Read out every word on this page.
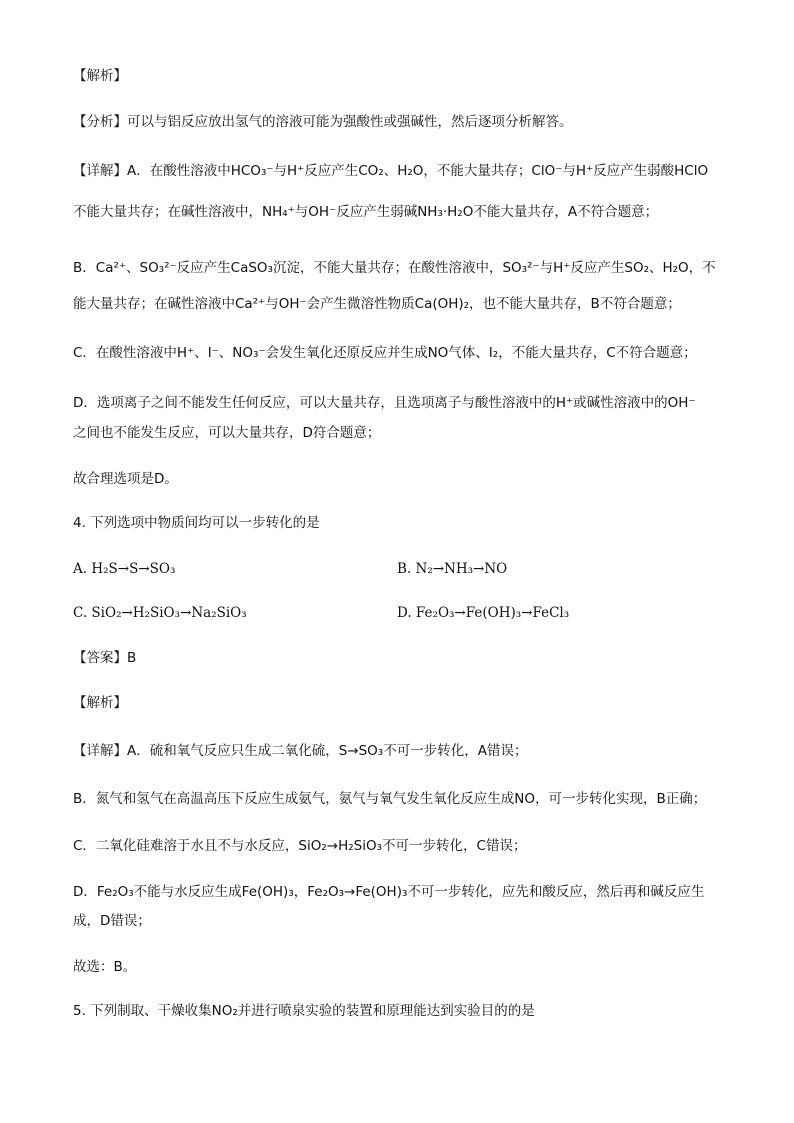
【解析】
【分析】可以与铝反应放出氢气的溶液可能为强酸性或强碱性，然后逐项分析解答。
【详解】A．在酸性溶液中HCO₃⁻与H⁺反应产生CO₂、H₂O，不能大量共存；ClO⁻与H⁺反应产生弱酸HClO
不能大量共存；在碱性溶液中，NH₄⁺与OH⁻反应产生弱碱NH₃·H₂O不能大量共存，A不符合题意；
B．Ca²⁺、SO₃²⁻反应产生CaSO₃沉淀，不能大量共存；在酸性溶液中，SO₃²⁻与H⁺反应产生SO₂、H₂O，不
能大量共存；在碱性溶液中Ca²⁺与OH⁻会产生微溶性物质Ca(OH)₂，也不能大量共存，B不符合题意；
C．在酸性溶液中H⁺、I⁻、NO₃⁻会发生氧化还原反应并生成NO气体、I₂，不能大量共存，C不符合题意；
D．选项离子之间不能发生任何反应，可以大量共存，且选项离子与酸性溶液中的H⁺或碱性溶液中的OH⁻
之间也不能发生反应，可以大量共存，D符合题意；
故合理选项是D。
4. 下列选项中物质间均可以一步转化的是
A. H₂S→S→SO₃	B. N₂→NH₃→NO
C. SiO₂→H₂SiO₃→Na₂SiO₃	D. Fe₂O₃→Fe(OH)₃→FeCl₃
【答案】B
【解析】
【详解】A．硫和氧气反应只生成二氧化硫，S→SO₃不可一步转化，A错误；
B．氮气和氢气在高温高压下反应生成氨气，氨气与氧气发生氧化反应生成NO，可一步转化实现，B正确；
C．二氧化硅难溶于水且不与水反应，SiO₂→H₂SiO₃不可一步转化，C错误；
D．Fe₂O₃不能与水反应生成Fe(OH)₃，Fe₂O₃→Fe(OH)₃不可一步转化，应先和酸反应，然后再和碱反应生
成，D错误；
故选：B。
5. 下列制取、干燥收集NO₂并进行喷泉实验的装置和原理能达到实验目的的是
